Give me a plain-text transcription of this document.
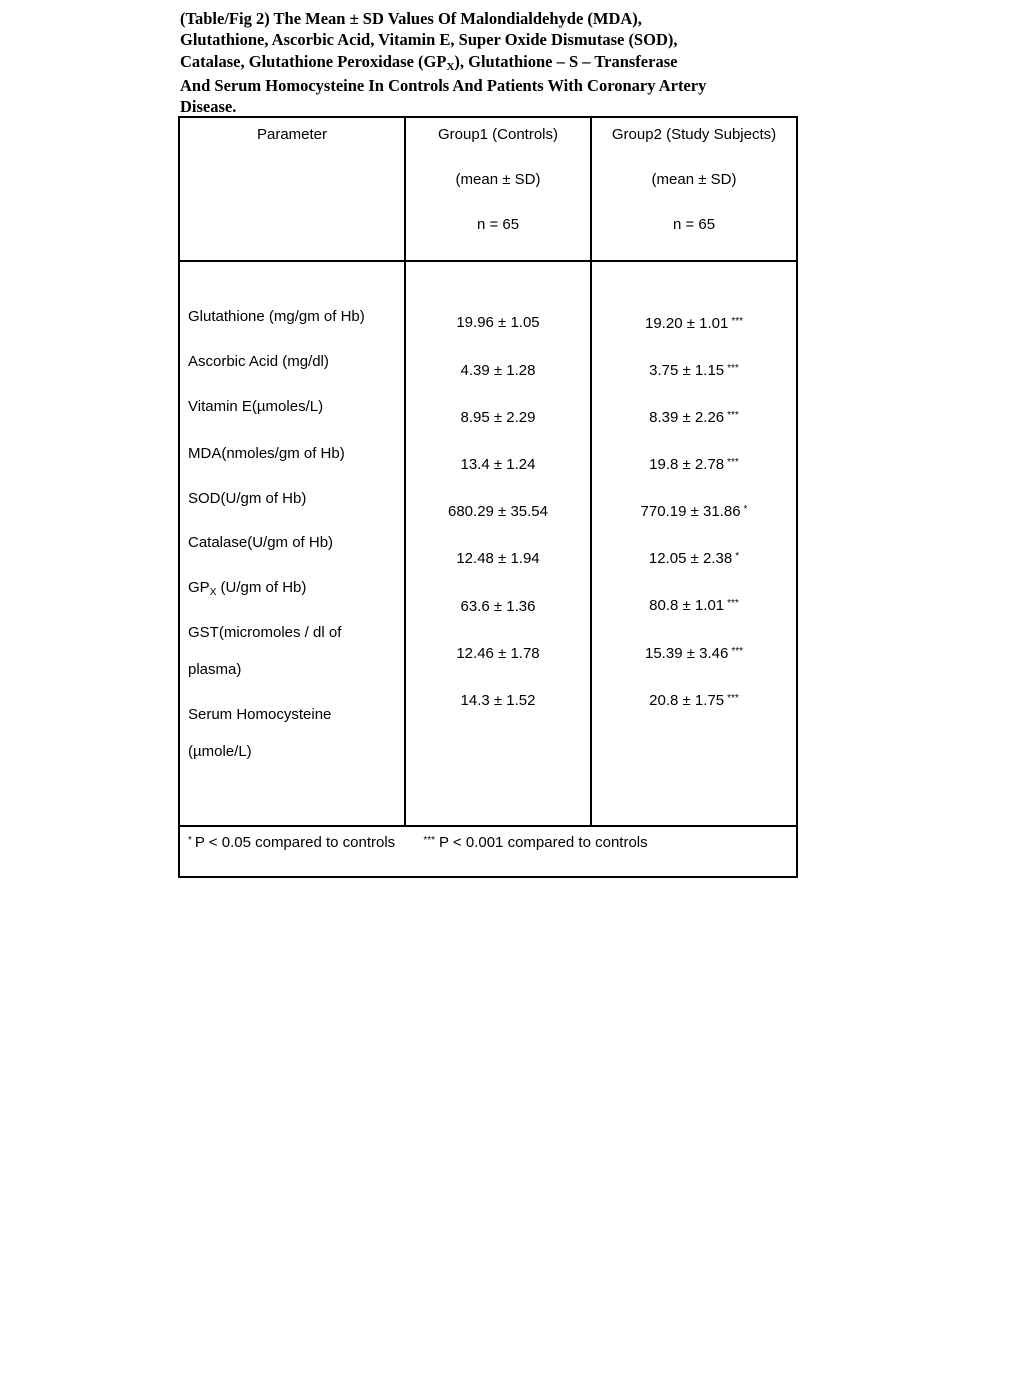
(Table/Fig 2) The Mean ± SD Values Of Malondialdehyde (MDA),

Glutathione, Ascorbic Acid, Vitamin E, Super Oxide Dismutase (SOD),

Catalase, Glutathione Peroxidase (GPX), Glutathione – S – Transferase

And Serum Homocysteine In Controls And Patients With Coronary Artery

Disease.

Parameter	Group1 (Controls)
(mean ± SD)
n = 65
Group2 (Study Subjects)
(mean ± SD)
n = 65
Glutathione (mg/gm of Hb)
Ascorbic Acid (mg/dl)
Vitamin E(µmoles/L)
MDA(nmoles/gm of Hb)
SOD(U/gm of Hb)
Catalase(U/gm of Hb)
$GP_X$ (U/gm of Hb)
GST(micromoles / dl of
plasma)
Serum Homocysteine
(µmole/L)
19.96 ± 1.05
4.39 ± 1.28
8.95 ± 2.29
13.4 ± 1.24
680.29 ± 35.54
12.48 ± 1.94
63.6 ± 1.36
12.46 ± 1.78
14.3 ± 1.52
19.20 ± 1.01 ***
3.75 ± 1.15 ***
8.39 ± 2.26 ***
19.8 ± 2.78 ***
770.19 ± 31.86 *
12.05 ± 2.38 *
80.8 ± 1.01 ***
15.39 ± 3.46 ***
20.8 ± 1.75 ***
* P < 0.05 compared to controls	*** P < 0.001 compared to controls
